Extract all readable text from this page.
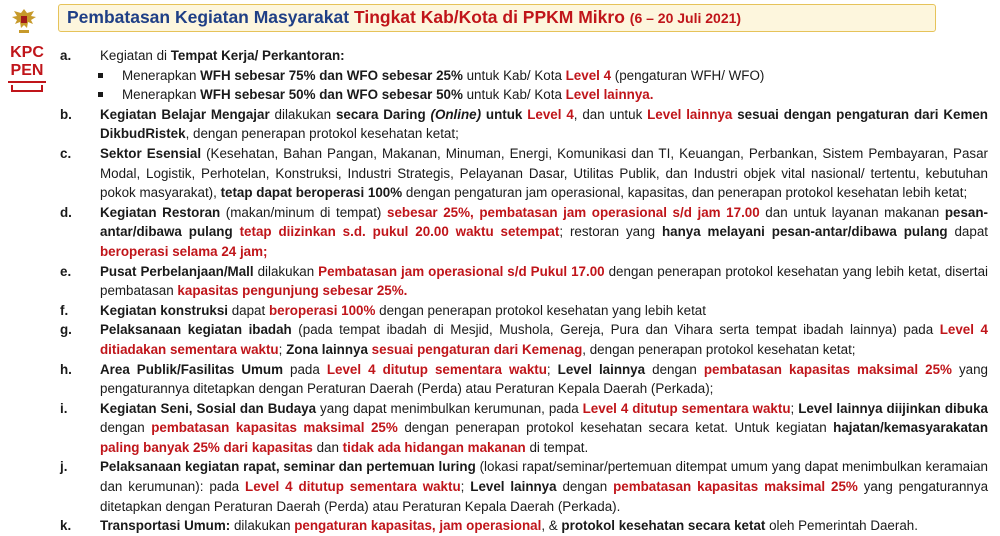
KPC
PEN
Pembatasan Kegiatan Masyarakat Tingkat Kab/Kota di PPKM Mikro (6 – 20 Juli 2021)
a. Kegiatan di Tempat Kerja/ Perkantoran:
Menerapkan WFH sebesar 75% dan WFO sebesar 25% untuk Kab/ Kota Level 4 (pengaturan WFH/ WFO)
Menerapkan WFH sebesar 50% dan WFO sebesar 50% untuk Kab/ Kota Level lainnya.
b. Kegiatan Belajar Mengajar dilakukan secara Daring (Online) untuk Level 4, dan untuk Level lainnya sesuai dengan pengaturan dari Kemen DikbudRistek, dengan penerapan protokol kesehatan ketat;
c. Sektor Esensial (Kesehatan, Bahan Pangan, Makanan, Minuman, Energi, Komunikasi dan TI, Keuangan, Perbankan, Sistem Pembayaran, Pasar Modal, Logistik, Perhotelan, Konstruksi, Industri Strategis, Pelayanan Dasar, Utilitas Publik, dan Industri objek vital nasional/ tertentu, kebutuhan pokok masyarakat), tetap dapat beroperasi 100% dengan pengaturan jam operasional, kapasitas, dan penerapan protokol kesehatan lebih ketat;
d. Kegiatan Restoran (makan/minum di tempat) sebesar 25%, pembatasan jam operasional s/d jam 17.00 dan untuk layanan makanan pesan-antar/dibawa pulang tetap diizinkan s.d. pukul 20.00 waktu setempat; restoran yang hanya melayani pesan-antar/dibawa pulang dapat beroperasi selama 24 jam;
e. Pusat Perbelanjaan/Mall dilakukan Pembatasan jam operasional s/d Pukul 17.00 dengan penerapan protokol kesehatan yang lebih ketat, disertai pembatasan kapasitas pengunjung sebesar 25%.
f. Kegiatan konstruksi dapat beroperasi 100% dengan penerapan protokol kesehatan yang lebih ketat
g. Pelaksanaan kegiatan ibadah (pada tempat ibadah di Mesjid, Mushola, Gereja, Pura dan Vihara serta tempat ibadah lainnya) pada Level 4 ditiadakan sementara waktu; Zona lainnya sesuai pengaturan dari Kemenag, dengan penerapan protokol kesehatan ketat;
h. Area Publik/Fasilitas Umum pada Level 4 ditutup sementara waktu; Level lainnya dengan pembatasan kapasitas maksimal 25% yang pengaturannya ditetapkan dengan Peraturan Daerah (Perda) atau Peraturan Kepala Daerah (Perkada);
i. Kegiatan Seni, Sosial dan Budaya yang dapat menimbulkan kerumunan, pada Level 4 ditutup sementara waktu; Level lainnya diijinkan dibuka dengan pembatasan kapasitas maksimal 25% dengan penerapan protokol kesehatan secara ketat. Untuk kegiatan hajatan/kemasyarakatan paling banyak 25% dari kapasitas dan tidak ada hidangan makanan di tempat.
j. Pelaksanaan kegiatan rapat, seminar dan pertemuan luring (lokasi rapat/seminar/pertemuan ditempat umum yang dapat menimbulkan keramaian dan kerumunan): pada Level 4 ditutup sementara waktu; Level lainnya dengan pembatasan kapasitas maksimal 25% yang pengaturannya ditetapkan dengan Peraturan Daerah (Perda) atau Peraturan Kepala Daerah (Perkada).
k. Transportasi Umum: dilakukan pengaturan kapasitas, jam operasional, & protokol kesehatan secara ketat oleh Pemerintah Daerah.
